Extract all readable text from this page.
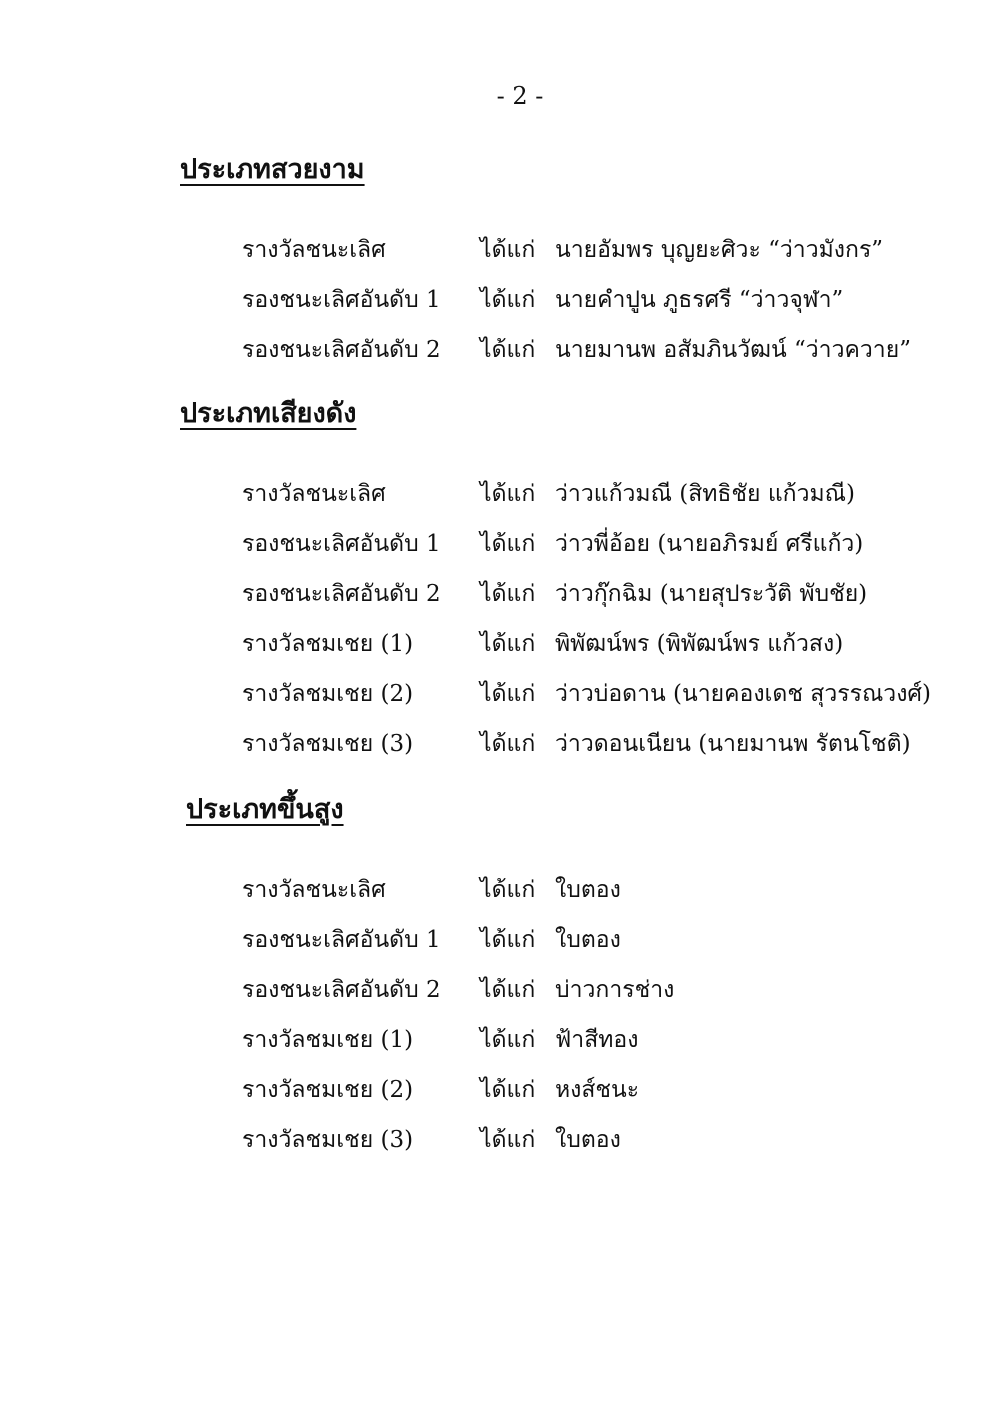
- 2 -
ประเภทสวยงาม
รางวัลชนะเลิศ	ได้แก่ นายอัมพร บุญยะศิวะ “ว่าวมังกร”
รองชนะเลิศอันดับ 1 ได้แก่ นายคำปูน ภูธรศรี “ว่าวจุฬา”
รองชนะเลิศอันดับ 2 ได้แก่ นายมานพ อสัมภินวัฒน์ “ว่าวควาย”
ประเภทเสียงดัง
รางวัลชนะเลิศ	ได้แก่ ว่าวแก้วมณี (สิทธิชัย แก้วมณี)
รองชนะเลิศอันดับ 1 ได้แก่ ว่าวพี่อ้อย (นายอภิรมย์ ศรีแก้ว)
รองชนะเลิศอันดับ 2 ได้แก่ ว่าวกุ๊กฉิม (นายสุประวัติ พับชัย)
รางวัลชมเชย (1)	ได้แก่ พิพัฒน์พร (พิพัฒน์พร แก้วสง)
รางวัลชมเชย (2)	ได้แก่ ว่าวบ่อดาน (นายคองเดช สุวรรณวงศ์)
รางวัลชมเชย (3)	ได้แก่ ว่าวดอนเนียน (นายมานพ รัตนโชติ)
ประเภทขึ้นสูง
รางวัลชนะเลิศ	ได้แก่ ใบตอง
รองชนะเลิศอันดับ 1 ได้แก่ ใบตอง
รองชนะเลิศอันดับ 2 ได้แก่ บ่าวการช่าง
รางวัลชมเชย (1)	ได้แก่ ฟ้าสีทอง
รางวัลชมเชย (2)	ได้แก่ หงส์ชนะ
รางวัลชมเชย (3)	ได้แก่ ใบตอง
